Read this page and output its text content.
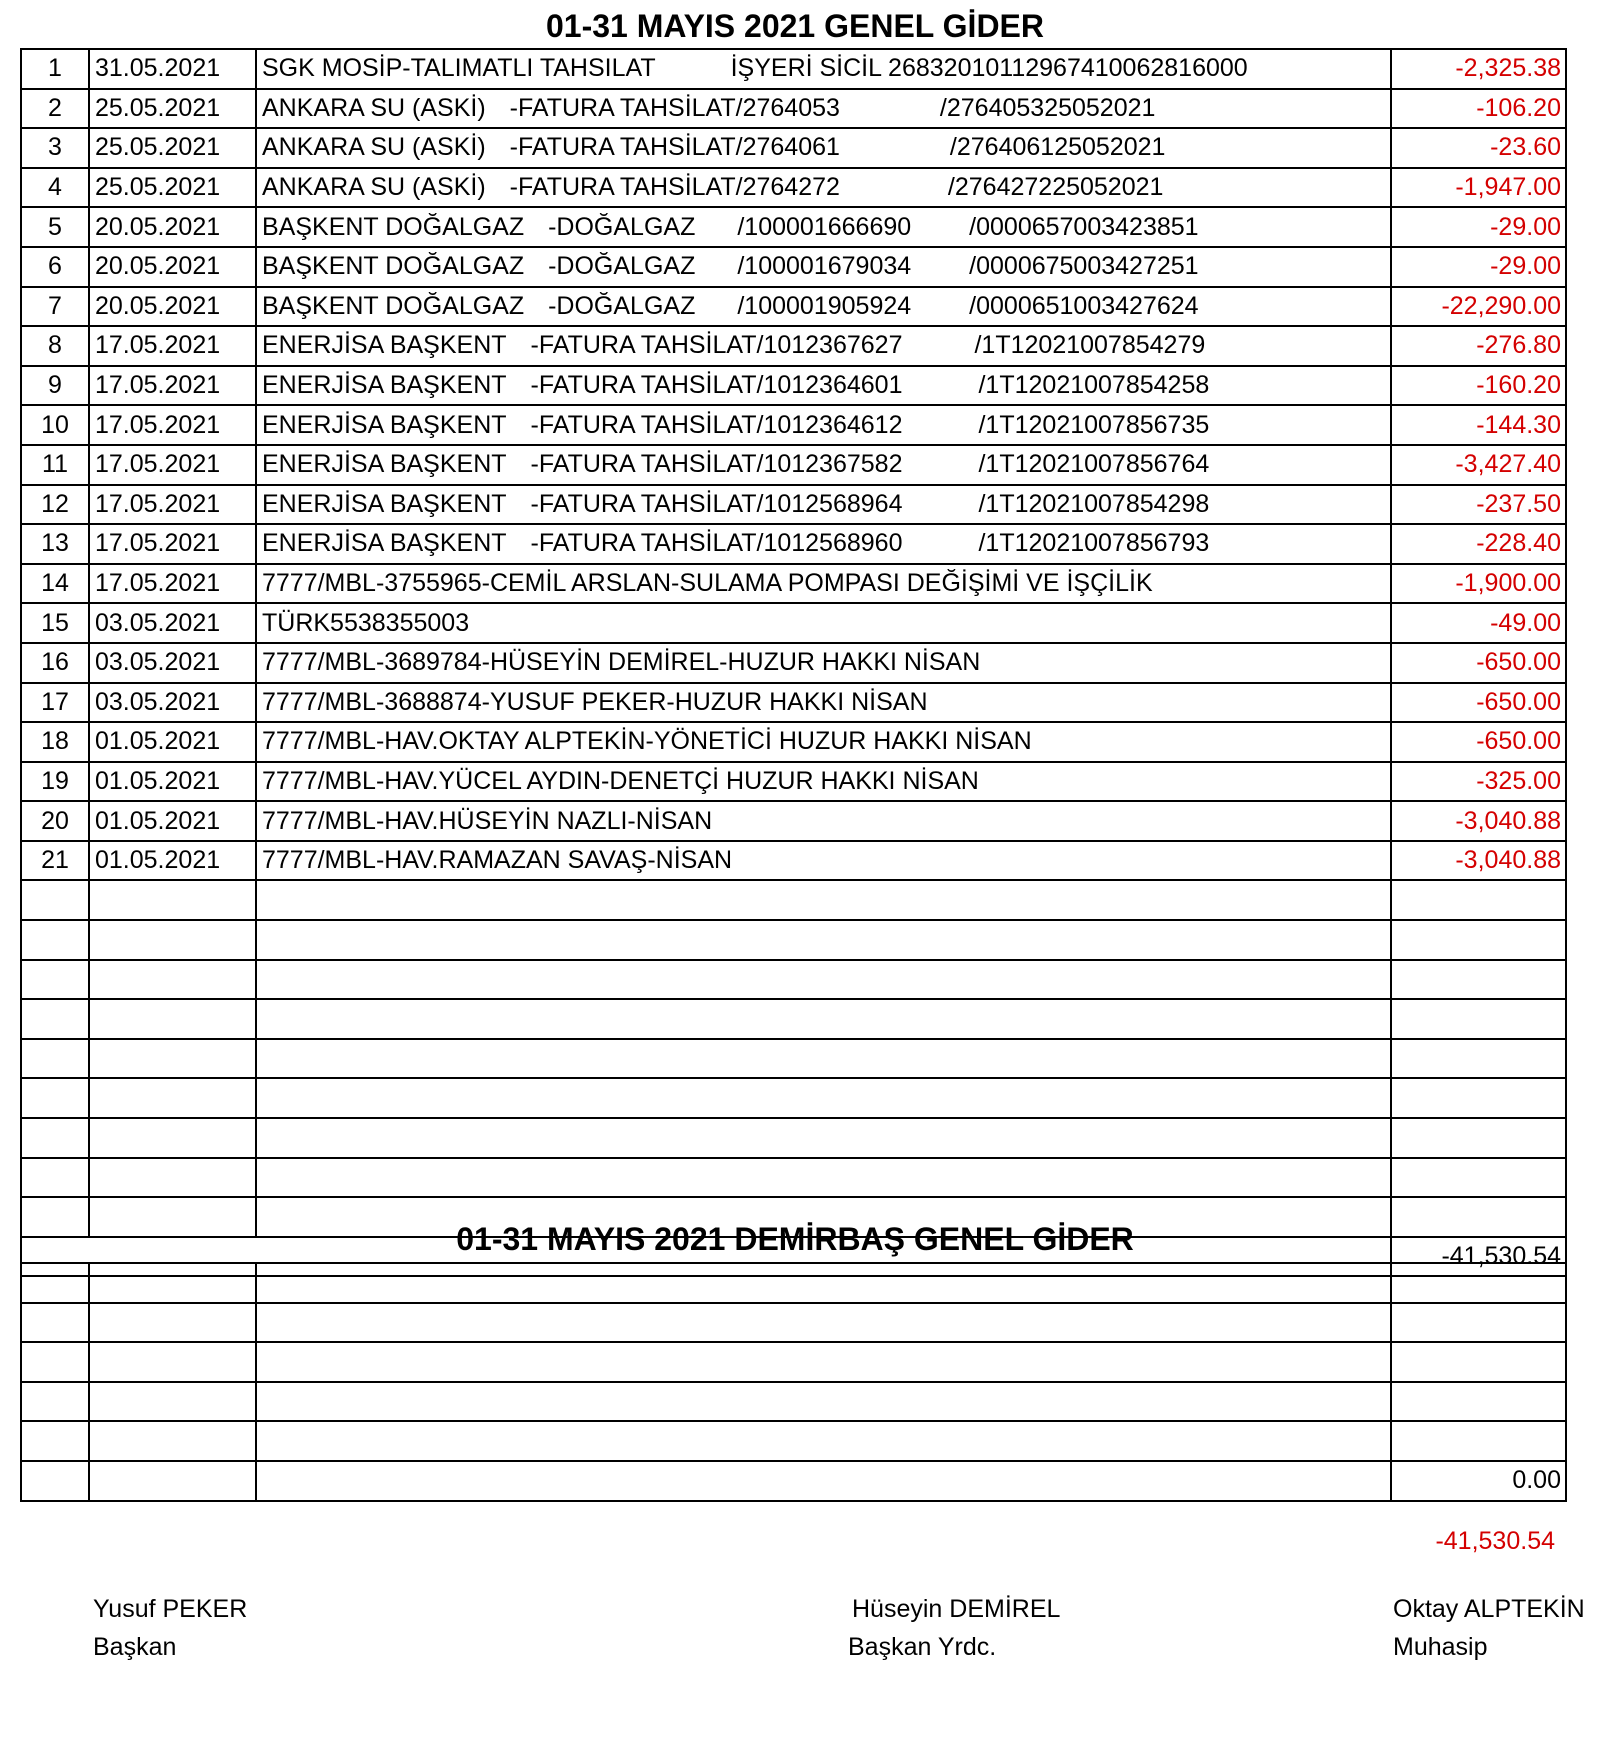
01-31 MAYIS 2021 GENEL GİDER
1	31.05.2021	SGK MOSİP-TALIMATLI TAHSILAT İŞYERİ SİCİL 2683201011296741006281600​0	-2,325.38
2	25.05.2021	ANKARA SU (ASKİ) -FATURA TAHSİLAT/2764053 /276405325052021	-106.20
3	25.05.2021	ANKARA SU (ASKİ) -FATURA TAHSİLAT/2764061 /276406125052021	-23.60
4	25.05.2021	ANKARA SU (ASKİ) -FATURA TAHSİLAT/2764272 /276427225052021	-1,947.00
5	20.05.2021	BAŞKENT DOĞALGAZ -DOĞALGAZ /100001666690 /0000657003423851	-29.00
6	20.05.2021	BAŞKENT DOĞALGAZ -DOĞALGAZ /100001679034 /0000675003427251	-29.00
7	20.05.2021	BAŞKENT DOĞALGAZ -DOĞALGAZ /100001905924 /0000651003427624	-22,290.00
8	17.05.2021	ENERJİSA BAŞKENT -FATURA TAHSİLAT/1012367627 /1T12021007854279	-276.80
9	17.05.2021	ENERJİSA BAŞKENT -FATURA TAHSİLAT/1012364601 /1T12021007854258	-160.20
10	17.05.2021	ENERJİSA BAŞKENT -FATURA TAHSİLAT/1012364612 /1T12021007856735	-144.30
11	17.05.2021	ENERJİSA BAŞKENT -FATURA TAHSİLAT/1012367582 /1T12021007856764	-3,427.40
12	17.05.2021	ENERJİSA BAŞKENT -FATURA TAHSİLAT/1012568964 /1T12021007854298	-237.50
13	17.05.2021	ENERJİSA BAŞKENT -FATURA TAHSİLAT/1012568960 /1T12021007856793	-228.40
14	17.05.2021	7777/MBL-3755965-CEMİL ARSLAN-SULAMA POMPASI DEĞİŞİMİ VE İŞÇİLİK	-1,900.00
15	03.05.2021	TÜRK5538355003	-49.00
16	03.05.2021	7777/MBL-3689784-HÜSEYİN DEMİREL-HUZUR HAKKI NİSAN	-650.00
17	03.05.2021	7777/MBL-3688874-YUSUF PEKER-HUZUR HAKKI NİSAN	-650.00
18	01.05.2021	7777/MBL-HAV.OKTAY ALPTEKİN-YÖNETİCİ HUZUR HAKKI NİSAN	-650.00
19	01.05.2021	7777/MBL-HAV.YÜCEL AYDIN-DENETÇİ HUZUR HAKKI NİSAN	-325.00
20	01.05.2021	7777/MBL-HAV.HÜSEYİN NAZLI-NİSAN	-3,040.88
21	01.05.2021	7777/MBL-HAV.RAMAZAN SAVAŞ-NİSAN	-3,040.88

			-41,530.54
01-31 MAYIS 2021 DEMİRBAŞ GENEL GİDER

			0.00
-41,530.54
Yusuf PEKER
Başkan
Hüseyin DEMİREL
Başkan Yrdc.
Oktay ALPTEKİN
Muhasip
